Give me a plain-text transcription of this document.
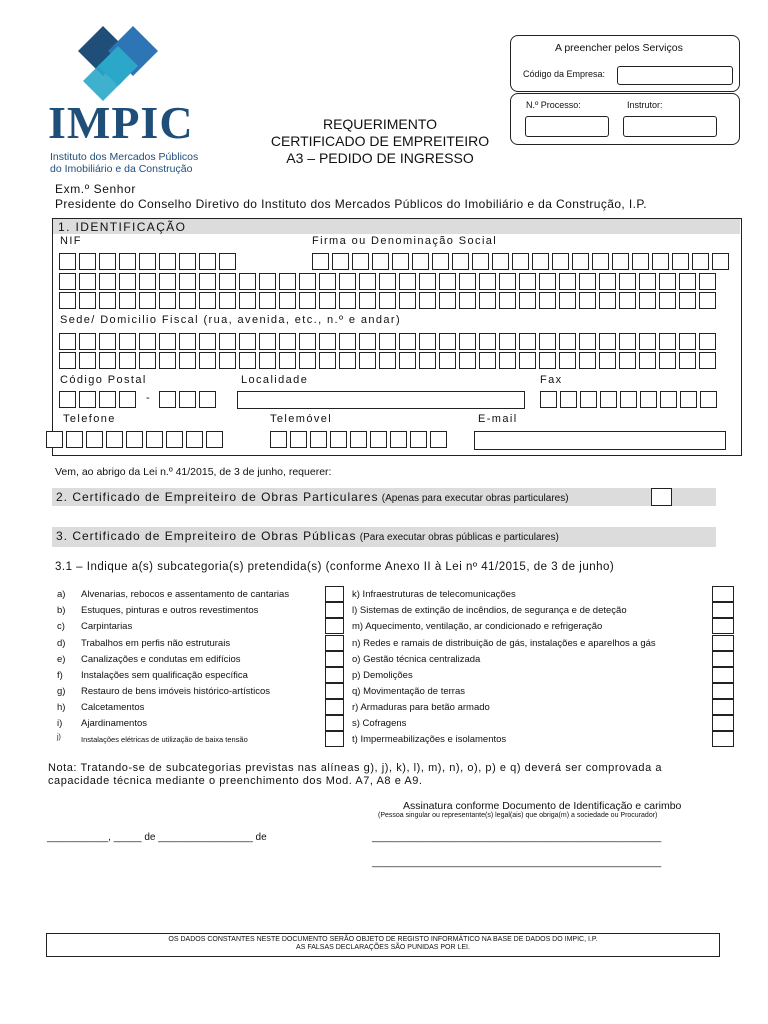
IMPIC
Instituto dos Mercados Públicos
do Imobiliário e da Construção
A preencher pelos Serviços
Código da Empresa:
N.º Processo:	Instrutor:
REQUERIMENTO
CERTIFICADO DE EMPREITEIRO
A3 – PEDIDO DE INGRESSO
Exm.º Senhor
Presidente do Conselho Diretivo do Instituto dos Mercados Públicos do Imobiliário e da Construção, I.P.
1. IDENTIFICAÇÃO
NIF	Firma ou Denominação Social
Sede/ Domicilio Fiscal (rua, avenida, etc., n.º e andar)
Código Postal	Localidade	Fax
-
Telefone	Telemóvel	E-mail
Vem, ao abrigo da Lei n.º 41/2015, de 3 de junho, requerer:
2. Certificado de Empreiteiro de Obras Particulares (Apenas para executar obras particulares)
3. Certificado de Empreiteiro de Obras Públicas (Para executar obras públicas e particulares)
3.1 – Indique a(s) subcategoria(s) pretendida(s) (conforme Anexo II à Lei nº 41/2015, de 3 de junho)
a) Alvenarias, rebocos e assentamento de cantarias
b) Estuques, pinturas e outros revestimentos
c) Carpintarias
d) Trabalhos em perfis não estruturais
e) Canalizações e condutas em edifícios
f) Instalações sem qualificação específica
g) Restauro de bens imóveis histórico-artísticos
h) Calcetamentos
i) Ajardinamentos
j)	Instalações elétricas de utilização de baixa tensão
k) Infraestruturas de telecomunicações
l) Sistemas de extinção de incêndios, de segurança e de deteção
m) Aquecimento, ventilação, ar condicionado e refrigeração
n) Redes e ramais de distribuição de gás, instalações e aparelhos a gás
o) Gestão técnica centralizada
p) Demolições
q) Movimentação de terras
r) Armaduras para betão armado
s) Cofragens
t) Impermeabilizações e isolamentos
Nota: Tratando-se de subcategorias previstas nas alíneas g), j), k), l), m), n), o), p) e q) deverá ser comprovada a
capacidade técnica mediante o preenchimento dos Mod. A7, A8 e A9.
Assinatura conforme Documento de Identificação e carimbo
(Pessoa singular ou representante(s) legal(ais) que obriga(m) a sociedade ou Procurador)
___________, _____ de _________________ de	____________________________________________________
____________________________________________________
OS DADOS CONSTANTES NESTE DOCUMENTO SERÃO OBJETO DE REGISTO INFORMÁTICO NA BASE DE DADOS DO IMPIC, I.P.
AS FALSAS DECLARAÇÕES SÃO PUNIDAS POR LEI.
